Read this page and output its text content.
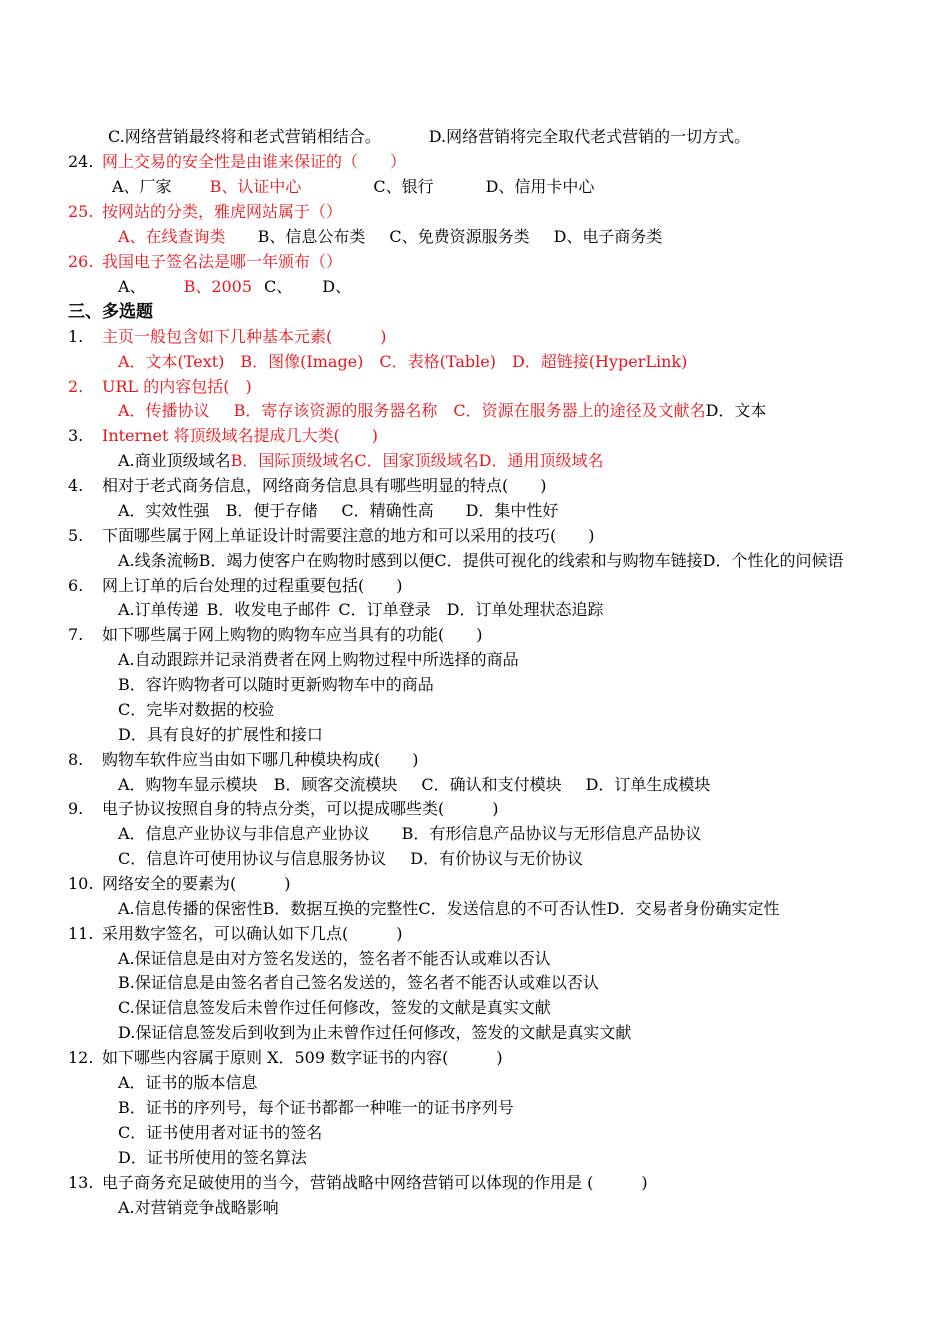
C.网络营销最终将和老式营销相结合。	D.网络营销将完全取代老式营销的一切方式。
24. 网上交易的安全性是由谁来保证的（　　）
A、厂家 B、认证中心	C、银行	D、信用卡中心
25. 按网站的分类，雅虎网站属于（）
A、在线查询类 B、信息公布类 C、免费资源服务类 D、电子商务类
26. 我国电子签名法是哪一年颁布（）
A、 B、2005 C、 D、
三、多选题
1. 主页一般包含如下几种基本元素(　　　)
A．文本(Text) B．图像(Image) C．表格(Table) D．超链接(HyperLink)
2. URL 的内容包括(　)
A．传播协议 B．寄存该资源的服务器名称 C．资源在服务器上的途径及文献名D．文本
3. Internet 将顶级域名提成几大类(　　)
A.商业顶级域名B．国际顶级域名C．国家顶级域名D．通用顶级域名
4. 相对于老式商务信息，网络商务信息具有哪些明显的特点(　　)
A．实效性强 B．便于存储 C．精确性高 D．集中性好
5. 下面哪些属于网上单证设计时需要注意的地方和可以采用的技巧(　　)
A.线条流畅B．竭力使客户在购物时感到以便C．提供可视化的线索和与购物车链接D．个性化的问候语
6. 网上订单的后台处理的过程重要包括(　　)
A.订单传递 B．收发电子邮件 C．订单登录 D．订单处理状态追踪
7. 如下哪些属于网上购物的购物车应当具有的功能(　　)
A.自动跟踪并记录消费者在网上购物过程中所选择的商品
B．容许购物者可以随时更新购物车中的商品
C．完毕对数据的校验
D．具有良好的扩展性和接口
8. 购物车软件应当由如下哪几种模块构成(　　)
A．购物车显示模块 B．顾客交流模块 C．确认和支付模块 D．订单生成模块
9. 电子协议按照自身的特点分类，可以提成哪些类(　　　)
A．信息产业协议与非信息产业协议 B．有形信息产品协议与无形信息产品协议
C．信息许可使用协议与信息服务协议 D．有价协议与无价协议
10. 网络安全的要素为(　　　)
A.信息传播的保密性B．数据互换的完整性C．发送信息的不可否认性D．交易者身份确实定性
11. 采用数字签名，可以确认如下几点(　　　)
A.保证信息是由对方签名发送的，签名者不能否认或难以否认
B.保证信息是由签名者自己签名发送的，签名者不能否认或难以否认
C.保证信息签发后未曾作过任何修改，签发的文献是真实文献
D.保证信息签发后到收到为止未曾作过任何修改，签发的文献是真实文献
12. 如下哪些内容属于原则 X．509 数字证书的内容(　　　)
A．证书的版本信息
B．证书的序列号，每个证书都都一种唯一的证书序列号
C．证书使用者对证书的签名
D．证书所使用的签名算法
13. 电子商务充足破使用的当今，营销战略中网络营销可以体现的作用是 (　　　)
A.对营销竞争战略影响
